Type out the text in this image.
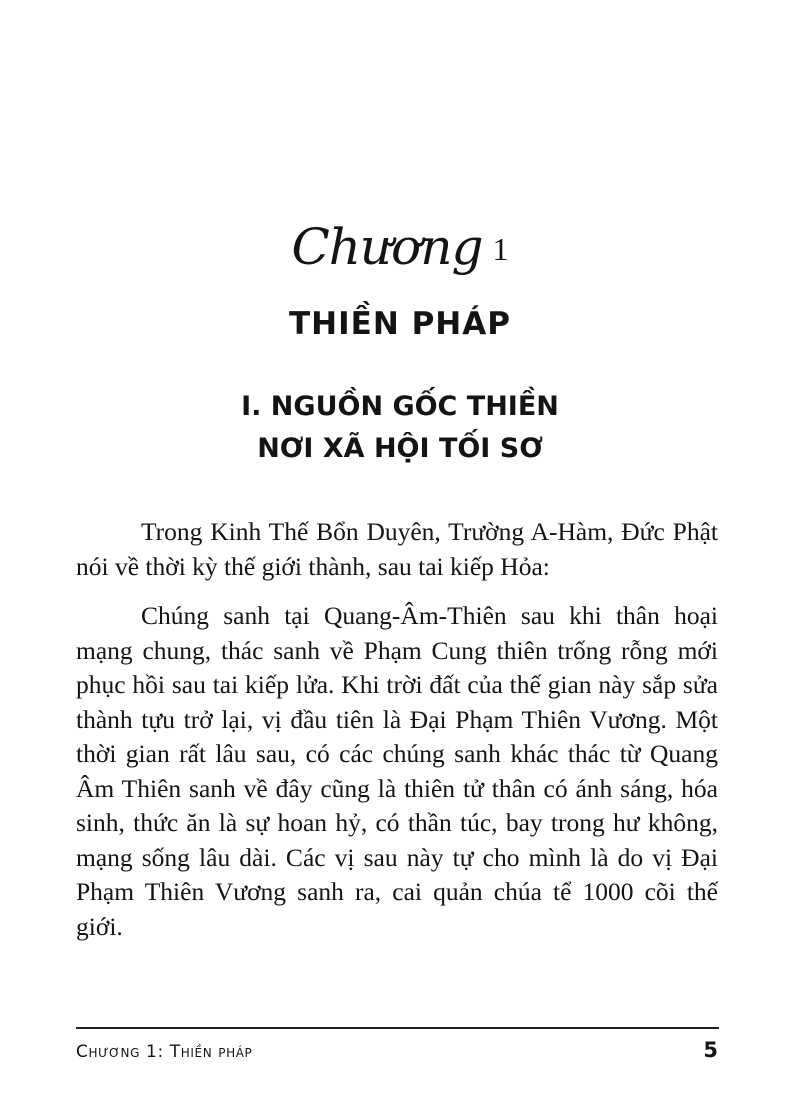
Chương 1
THIỀN PHÁP
I. NGUỒN GỐC THIỀN
NƠI XÃ HỘI TỐI SƠ

Trong Kinh Thế Bổn Duyên, Trường A-Hàm, Đức Phật nói về thời kỳ thế giới thành, sau tai kiếp Hỏa:

Chúng sanh tại Quang-Âm-Thiên sau khi thân hoại mạng chung, thác sanh về Phạm Cung thiên trống rỗng mới phục hồi sau tai kiếp lửa. Khi trời đất của thế gian này sắp sửa thành tựu trở lại, vị đầu tiên là Đại Phạm Thiên Vương. Một thời gian rất lâu sau, có các chúng sanh khác thác từ Quang Âm Thiên sanh về đây cũng là thiên tử thân có ánh sáng, hóa sinh, thức ăn là sự hoan hỷ, có thần túc, bay trong hư không, mạng sống lâu dài. Các vị sau này tự cho mình là do vị Đại Phạm Thiên Vương sanh ra, cai quản chúa tể 1000 cõi thế giới.

Chương 1: Thiền pháp	5
